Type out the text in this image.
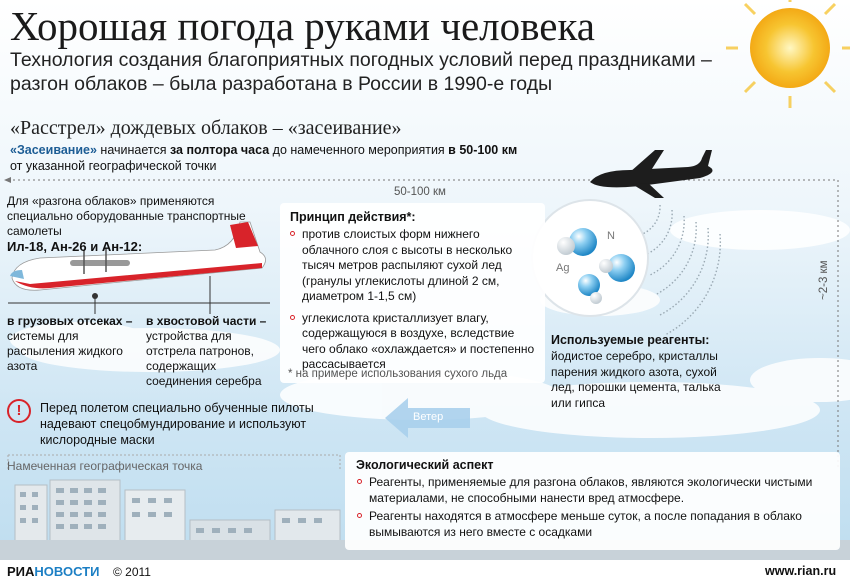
Хорошая погода руками человека
Технология создания благоприятных погодных условий перед праздниками – разгон облаков – была разработана в России в 1990-е годы
«Расстрел» дождевых облаков – «засеивание»
«Засеивание» начинается за полтора часа до намеченного мероприятия в 50-100 км
от указанной географической точки
50-100 км
~2-3 км
Для «разгона облаков» применяются специально оборудованные транспортные самолеты
Ил-18, Ан-26 и Ан-12:
в грузовых отсеках –
системы для распыления жидкого азота
в хвостовой части –
устройства для отстрела патронов, содержащих соединения серебра
Принцип действия*:
против слоистых форм нижнего облачного слоя с высоты в несколько тысяч метров распыляют сухой лед (гранулы углекислоты длиной 2 см, диаметром 1-1,5 см)
углекислота кристаллизует влагу, содержащуюся в воздухе, вследствие чего облако «охлаждается» и постепенно рассасывается
* на примере использования сухого льда
N
Ag
Используемые реагенты:
йодистое серебро, кристаллы парения жидкого азота, сухой лед, порошки цемента, талька или гипса
!	Перед полетом специально обученные пилоты надевают спецобмундирование и используют кислородные маски
Ветер
Намеченная географическая точка	Экологический аспект
Реагенты, применяемые для разгона облаков, являются экологически чистыми материалами, не способными нанести вред атмосфере.
Реагенты находятся в атмосфере меньше суток, а после попадания в облако вымываются из него вместе с осадками
РИАНОВОСТИ © 2011	www.rian.ru
